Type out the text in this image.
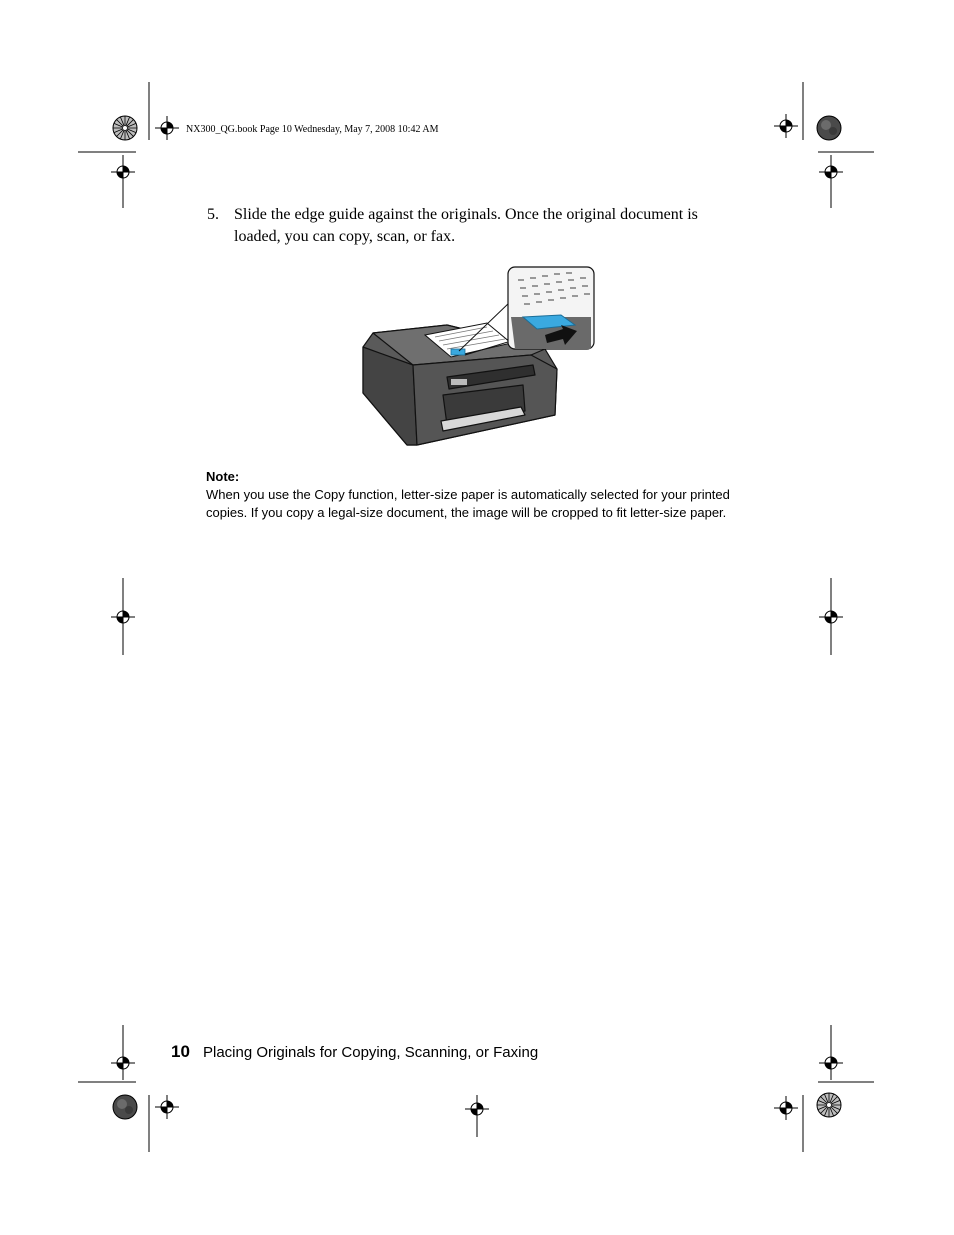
NX300_QG.book Page 10 Wednesday, May 7, 2008 10:42 AM
5. Slide the edge guide against the originals. Once the original document is loaded, you can copy, scan, or fax.
Note:
When you use the Copy function, letter-size paper is automatically selected for your printed copies. If you copy a legal-size document, the image will be cropped to fit letter-size paper.
10 Placing Originals for Copying, Scanning, or Faxing
